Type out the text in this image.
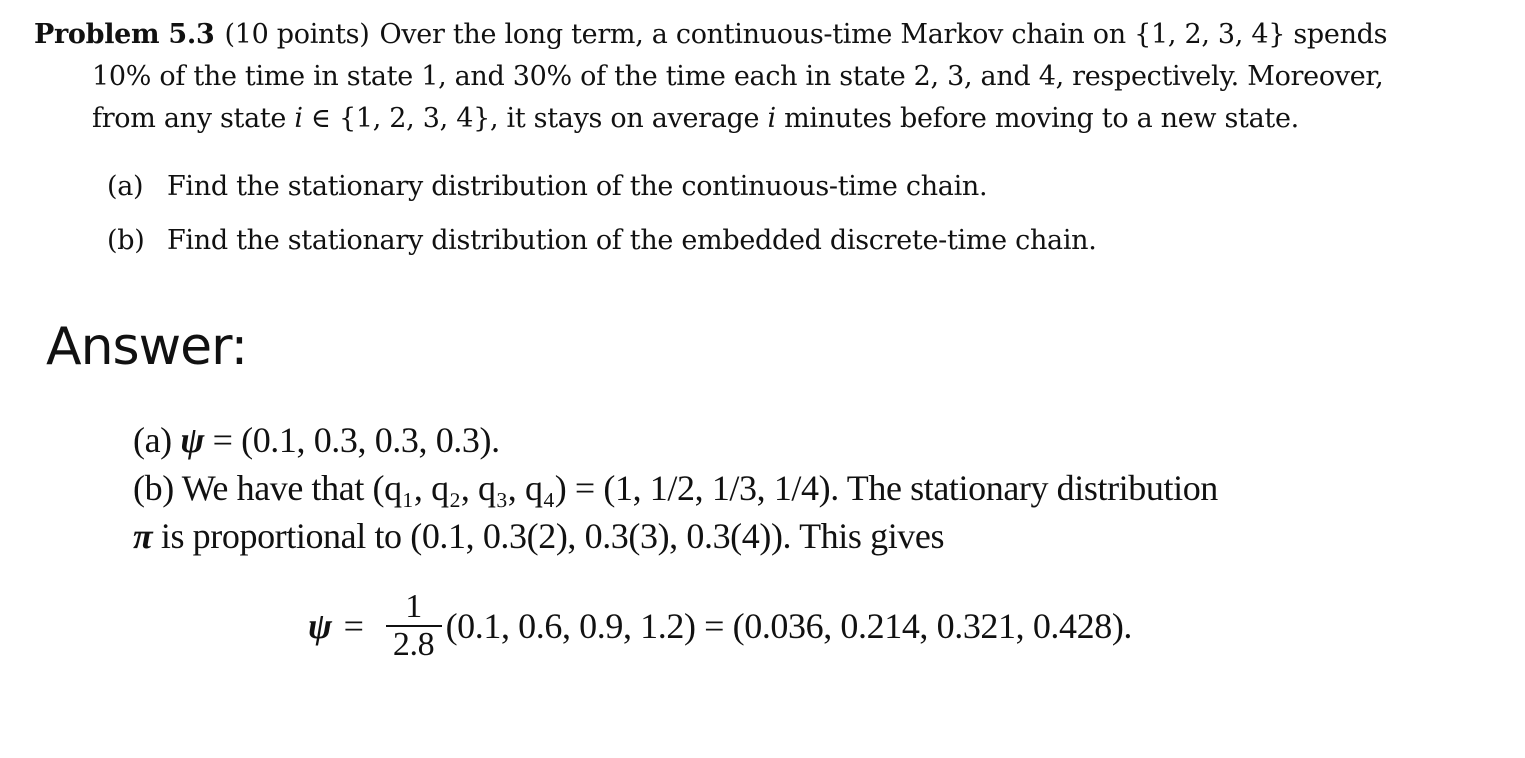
Problem 5.3 (10 points) Over the long term, a continuous-time Markov chain on {1, 2, 3, 4} spends
10% of the time in state 1, and 30% of the time each in state 2, 3, and 4, respectively. Moreover,
from any state i ∈ {1, 2, 3, 4}, it stays on average i minutes before moving to a new state.
(a) Find the stationary distribution of the continuous-time chain.
(b) Find the stationary distribution of the embedded discrete-time chain.
Answer:
(a) ψ = (0.1, 0.3, 0.3, 0.3).
(b) We have that (q₁, q₂, q₃, q₄) = (1, 1/2, 1/3, 1/4). The stationary distribution
π is proportional to (0.1, 0.3(2), 0.3(3), 0.3(4)). This gives
$\psi = \frac{1}{2.8} (0.1$, 0.6, 0.9, 1.2) = (0.036, 0.214, 0.321, 0.428).
